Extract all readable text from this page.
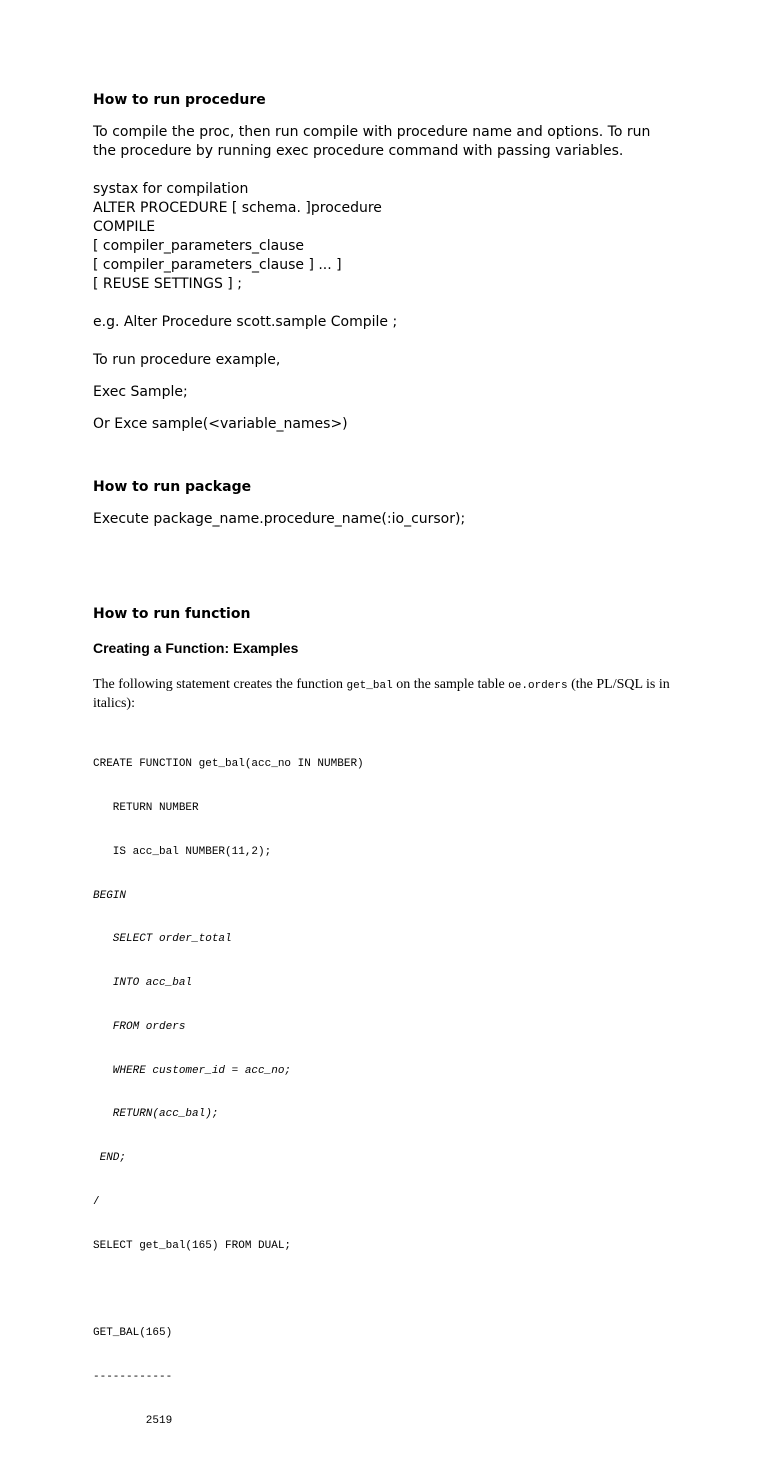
How to run procedure
To compile the proc, then run compile with procedure name and options. To run
the procedure by running exec procedure command with passing variables.
systax for compilation
ALTER PROCEDURE [ schema. ]procedure
COMPILE
[ compiler_parameters_clause
[ compiler_parameters_clause ] ... ]
[ REUSE SETTINGS ] ;
e.g. Alter Procedure scott.sample Compile ;
To run procedure example,
Exec Sample;
Or Exce sample(<variable_names>)
How to run package
Execute package_name.procedure_name(:io_cursor);
How to run function
Creating a Function: Examples

The following statement creates the function get_bal on the sample table oe.orders (the PL/SQL is in italics):

CREATE FUNCTION get_bal(acc_no IN NUMBER)

RETURN NUMBER

IS acc_bal NUMBER(11,2);

BEGIN

SELECT order_total

INTO acc_bal

FROM orders

WHERE customer_id = acc_no;

RETURN(acc_bal);

END;

/

SELECT get_bal(165) FROM DUAL;

GET_BAL(165)

------------

2519
